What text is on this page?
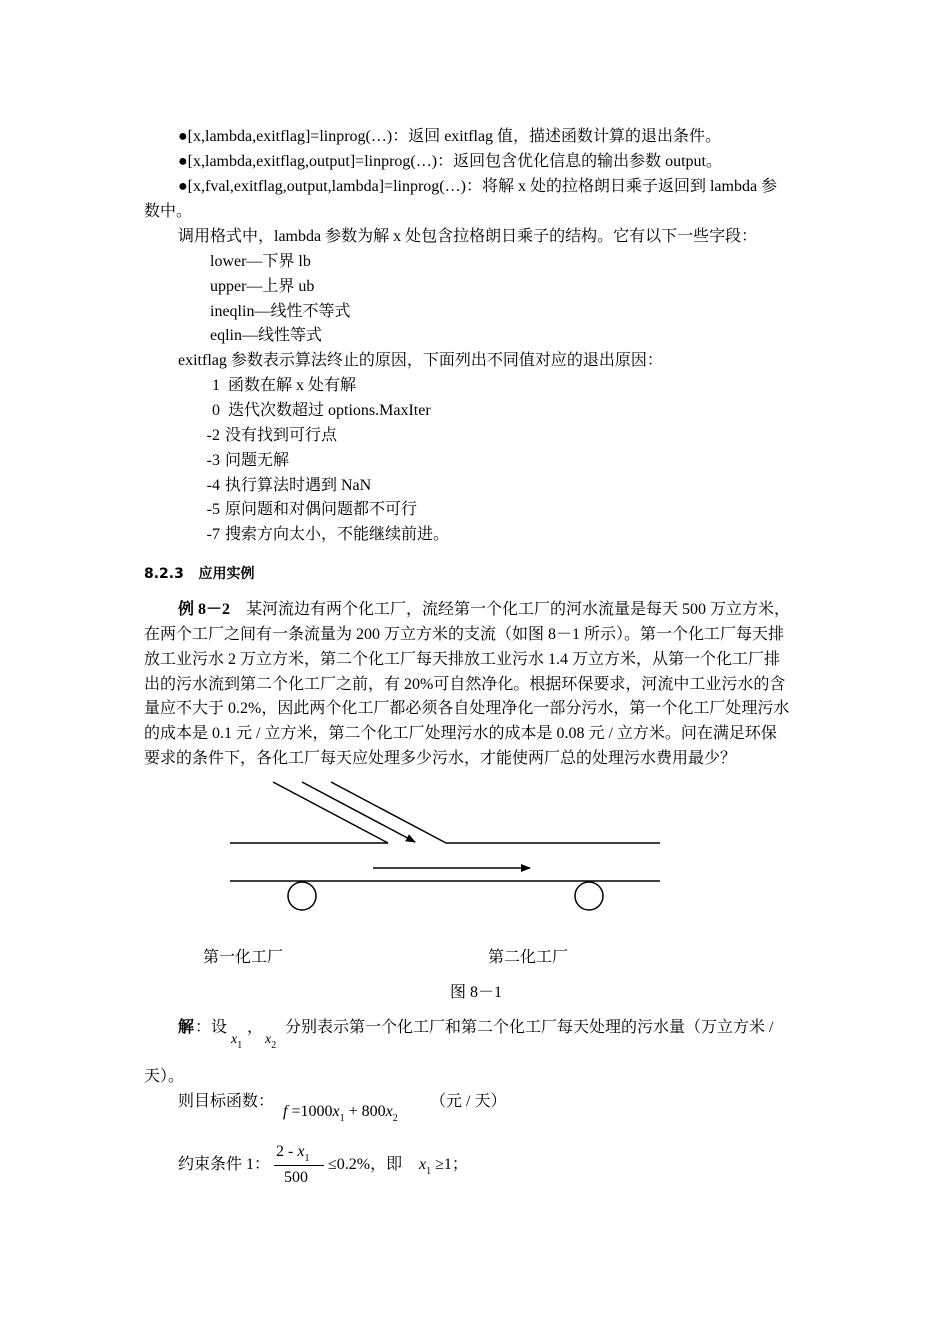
●[x,lambda,exitflag]=linprog(…)：返回 exitflag 值，描述函数计算的退出条件。
●[x,lambda,exitflag,output]=linprog(…)：返回包含优化信息的输出参数 output。
●[x,fval,exitflag,output,lambda]=linprog(…)：将解 x 处的拉格朗日乘子返回到 lambda 参
数中。
调用格式中，lambda 参数为解 x 处包含拉格朗日乘子的结构。它有以下一些字段：
lower—下界 lb
upper—上界 ub
ineqlin—线性不等式
eqlin—线性等式
exitflag 参数表示算法终止的原因，下面列出不同值对应的退出原因：
1 函数在解 x 处有解
0 迭代次数超过 options.MaxIter
-2 没有找到可行点
-3 问题无解
-4 执行算法时遇到 NaN
-5 原问题和对偶问题都不可行
-7 搜索方向太小，不能继续前进。
8.2.3 应用实例
例 8－2 某河流边有两个化工厂，流经第一个化工厂的河水流量是每天 500 万立方米，
在两个工厂之间有一条流量为 200 万立方米的支流（如图 8－1 所示）。第一个化工厂每天排
放工业污水 2 万立方米，第二个化工厂每天排放工业污水 1.4 万立方米，从第一个化工厂排
出的污水流到第二个化工厂之前，有 20%可自然净化。根据环保要求，河流中工业污水的含
量应不大于 0.2%，因此两个化工厂都必须各自处理净化一部分污水，第一个化工厂处理污水
的成本是 0.1 元 / 立方米，第二个化工厂处理污水的成本是 0.08 元 / 立方米。问在满足环保
要求的条件下，各化工厂每天应处理多少污水，才能使两厂总的处理污水费用最少？
第一化工厂	第二化工厂
图 8－1
解 ：设
$x_1$
，
$x_2$
分别表示第一个化工厂和第二个化工厂每天处理的污水量（万立方米 /
天）。
则目标函数：
$f =1000x_1 + 800x_2$
（元 / 天）
约束条件 1：
$2 - x_1$
500
≤0.2%，即 $x_1 \ge 1$；
